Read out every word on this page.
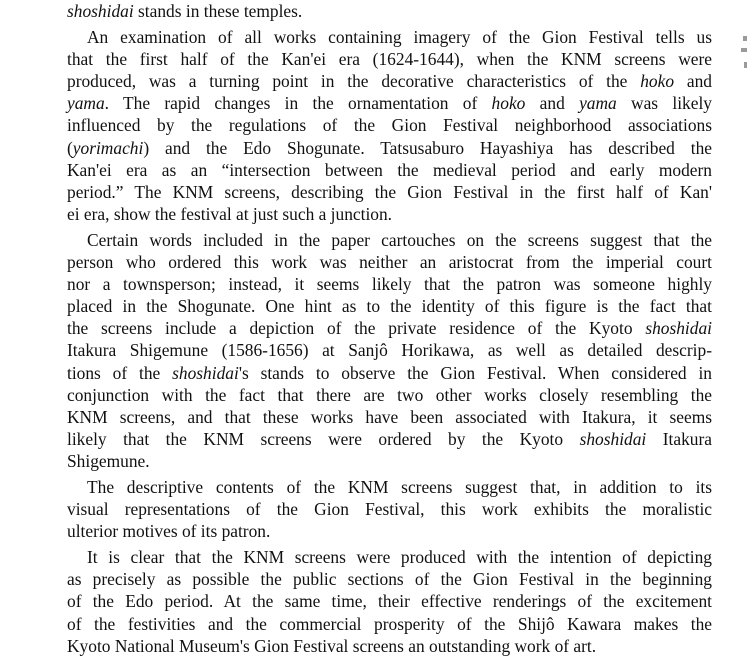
shoshidai stands in these temples.

An examination of all works containing imagery of the Gion Festival tells us
that the first half of the Kan'ei era (1624-1644), when the KNM screens were
produced, was a turning point in the decorative characteristics of the hoko and
yama. The rapid changes in the ornamentation of hoko and yama was likely
influenced by the regulations of the Gion Festival neighborhood associations
(yorimachi) and the Edo Shogunate. Tatsusaburo Hayashiya has described the
Kan'ei era as an “intersection between the medieval period and early modern
period.” The KNM screens, describing the Gion Festival in the first half of Kan'
ei era, show the festival at just such a junction.

Certain words included in the paper cartouches on the screens suggest that the
person who ordered this work was neither an aristocrat from the imperial court
nor a townsperson; instead, it seems likely that the patron was someone highly
placed in the Shogunate. One hint as to the identity of this figure is the fact that
the screens include a depiction of the private residence of the Kyoto shoshidai
Itakura Shigemune (1586-1656) at Sanjô Horikawa, as well as detailed descrip-
tions of the shoshidai's stands to observe the Gion Festival. When considered in
conjunction with the fact that there are two other works closely resembling the
KNM screens, and that these works have been associated with Itakura, it seems
likely that the KNM screens were ordered by the Kyoto shoshidai Itakura
Shigemune.

The descriptive contents of the KNM screens suggest that, in addition to its
visual representations of the Gion Festival, this work exhibits the moralistic
ulterior motives of its patron.

It is clear that the KNM screens were produced with the intention of depicting
as precisely as possible the public sections of the Gion Festival in the beginning
of the Edo period. At the same time, their effective renderings of the excitement
of the festivities and the commercial prosperity of the Shijô Kawara makes the
Kyoto National Museum's Gion Festival screens an outstanding work of art.
